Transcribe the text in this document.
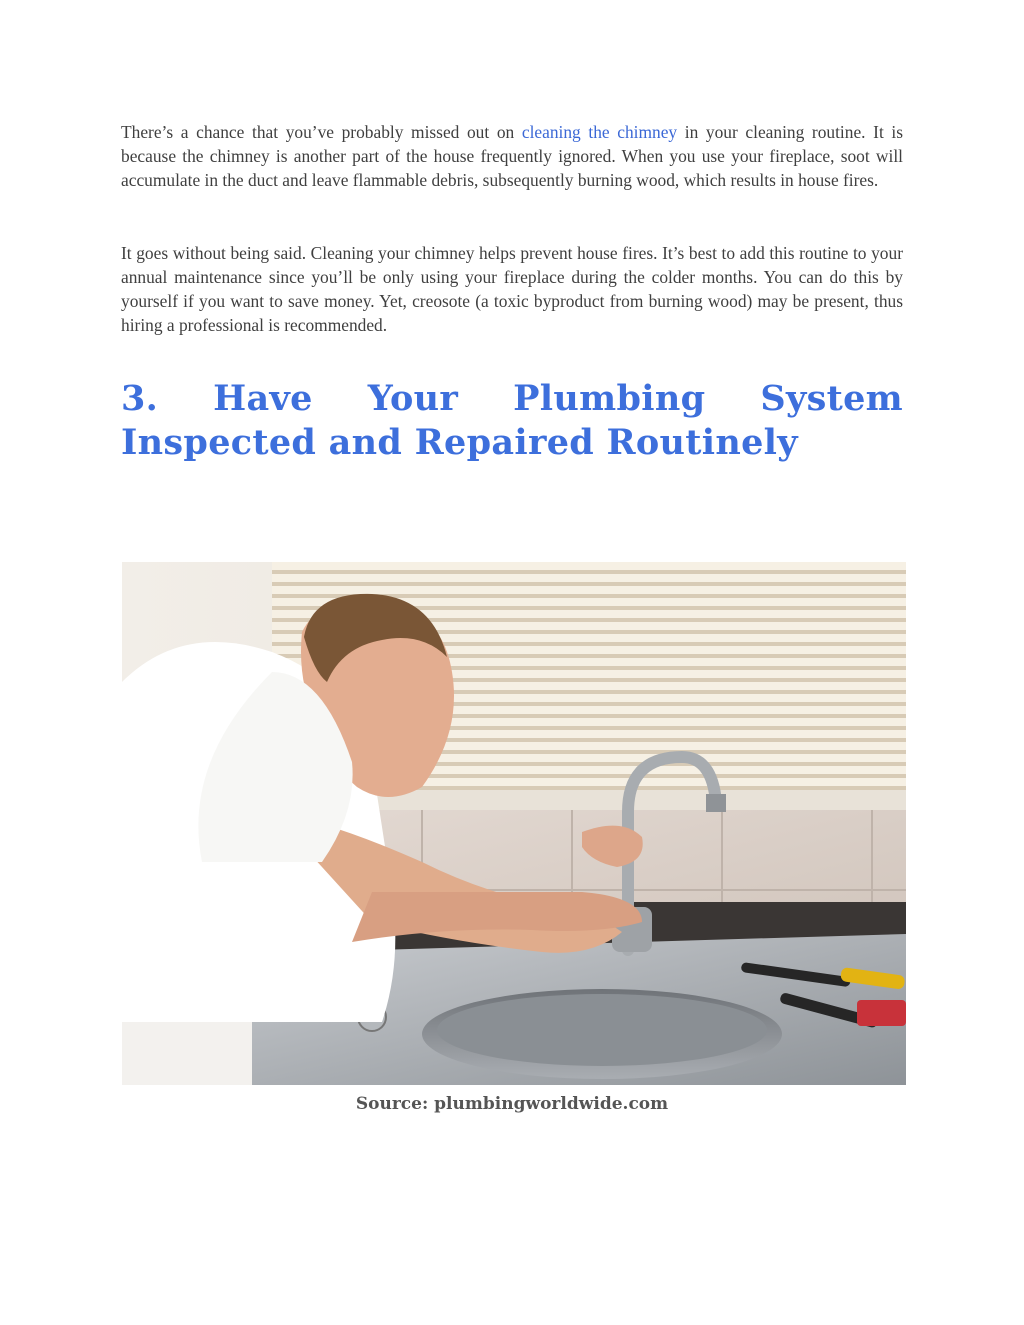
There’s a chance that you’ve probably missed out on cleaning the chimney in your cleaning routine. It is because the chimney is another part of the house frequently ignored. When you use your fireplace, soot will accumulate in the duct and leave flammable debris, subsequently burning wood, which results in house fires.

It goes without being said. Cleaning your chimney helps prevent house fires. It’s best to add this routine to your annual maintenance since you’ll be only using your fireplace during the colder months. You can do this by yourself if you want to save money. Yet, creosote (a toxic byproduct from burning wood) may be present, thus hiring a professional is recommended.

3. Have Your Plumbing System Inspected and Repaired Routinely
Source: plumbingworldwide.com
